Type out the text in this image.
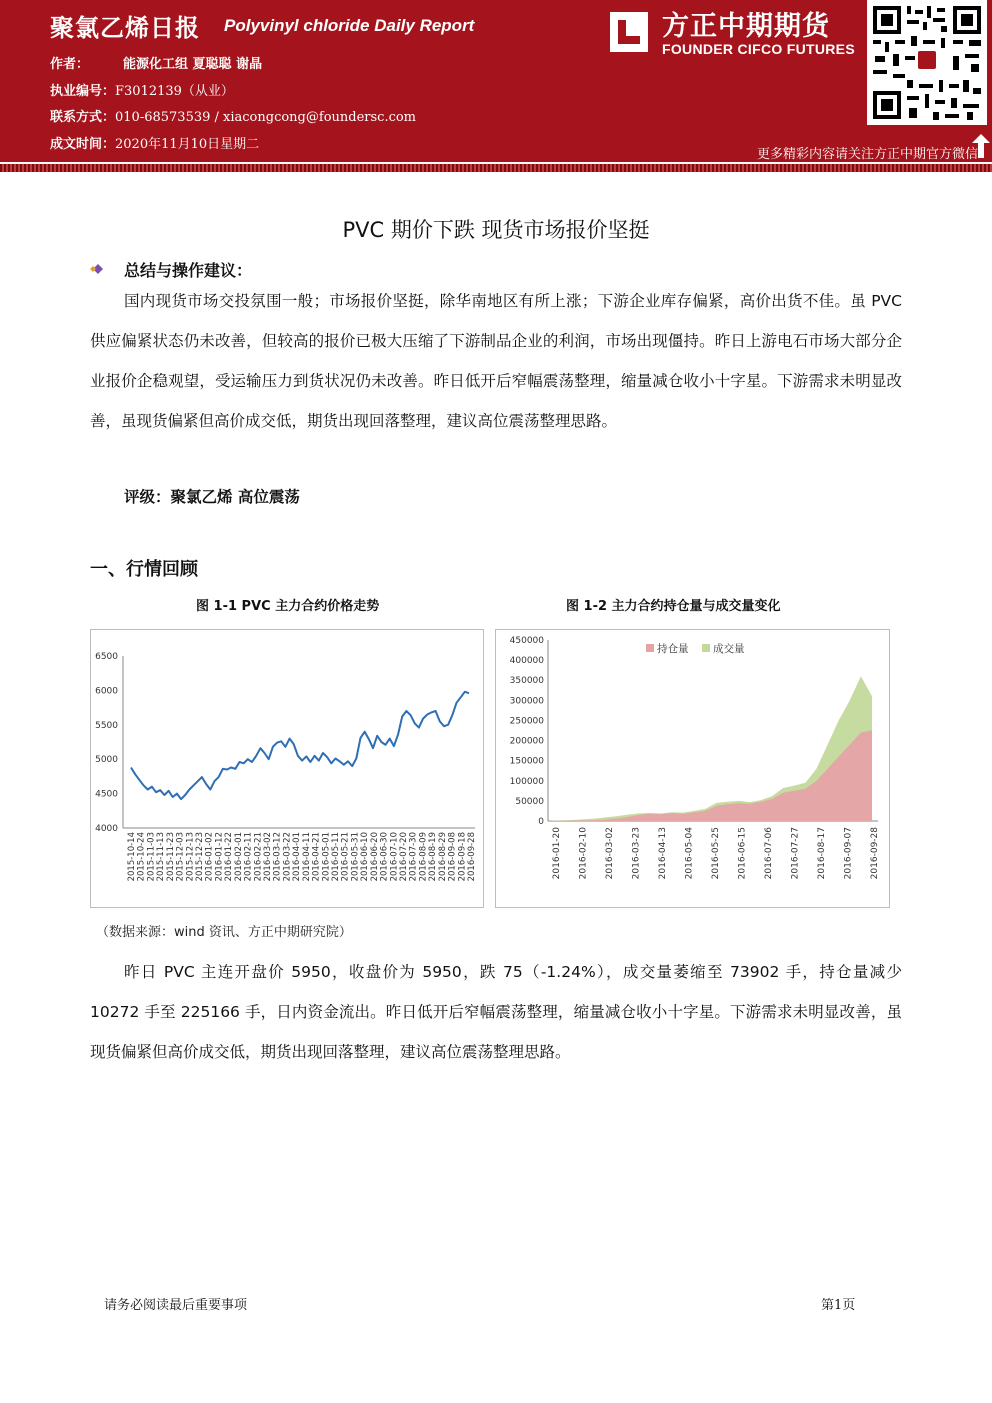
聚氯乙烯日报 Polyvinyl chloride Daily Report
作者：	能源化工组 夏聪聪 谢晶
执业编号：F3012139（从业）
联系方式：010-68573539 / xiacongcong@foundersc.com
成文时间：2020年11月10日星期二
方正中期期货
FOUNDER CIFCO FUTURES
更多精彩内容请关注方正中期官方微信
PVC 期价下跌 现货市场报价坚挺
总结与操作建议：
国内现货市场交投氛围一般；市场报价坚挺，除华南地区有所上涨；下游企业库存偏紧，高价出货不佳。虽 PVC 供应偏紧状态仍未改善，但较高的报价已极大压缩了下游制品企业的利润，市场出现僵持。昨日上游电石市场大部分企业报价企稳观望，受运输压力到货状况仍未改善。昨日低开后窄幅震荡整理，缩量减仓收小十字星。下游需求未明显改善，虽现货偏紧但高价成交低，期货出现回落整理，建议高位震荡整理思路。
评级：聚氯乙烯 高位震荡
一、行情回顾
图 1-1 PVC 主力合约价格走势	图 1-2 主力合约持仓量与成交量变化
6500
6000
5500
5000
4500
4000
2015-10-14 2015-10-24 2015-11-03 2015-11-13 2015-11-23 2015-12-03 2015-12-13 2015-12-23 2016-01-02 2016-01-12 2016-01-22 2016-02-01 2016-02-11 2016-02-21 2016-03-02 2016-03-12 2016-03-22 2016-04-01 2016-04-11 2016-04-21 2016-05-01 2016-05-11 2016-05-21 2016-05-31 2016-06-10 2016-06-20 2016-06-30 2016-07-10 2016-07-20 2016-07-30 2016-08-09 2016-08-19 2016-08-29 2016-09-08 2016-09-18 2016-09-28
450000
400000
350000
300000
250000
200000
150000
100000
50000
0
2016-01-20 2016-02-10 2016-03-02 2016-03-23 2016-04-13 2016-05-04 2016-05-25 2016-06-15 2016-07-06 2016-07-27 2016-08-17 2016-09-07 2016-09-28
持仓量 成交量
（数据来源：wind 资讯、方正中期研究院）
昨日 PVC 主连开盘价 5950，收盘价为 5950，跌 75（-1.24%），成交量萎缩至 73902 手，持仓量减少 10272 手至 225166 手，日内资金流出。昨日低开后窄幅震荡整理，缩量减仓收小十字星。下游需求未明显改善，虽现货偏紧但高价成交低，期货出现回落整理，建议高位震荡整理思路。
请务必阅读最后重要事项	第1页
